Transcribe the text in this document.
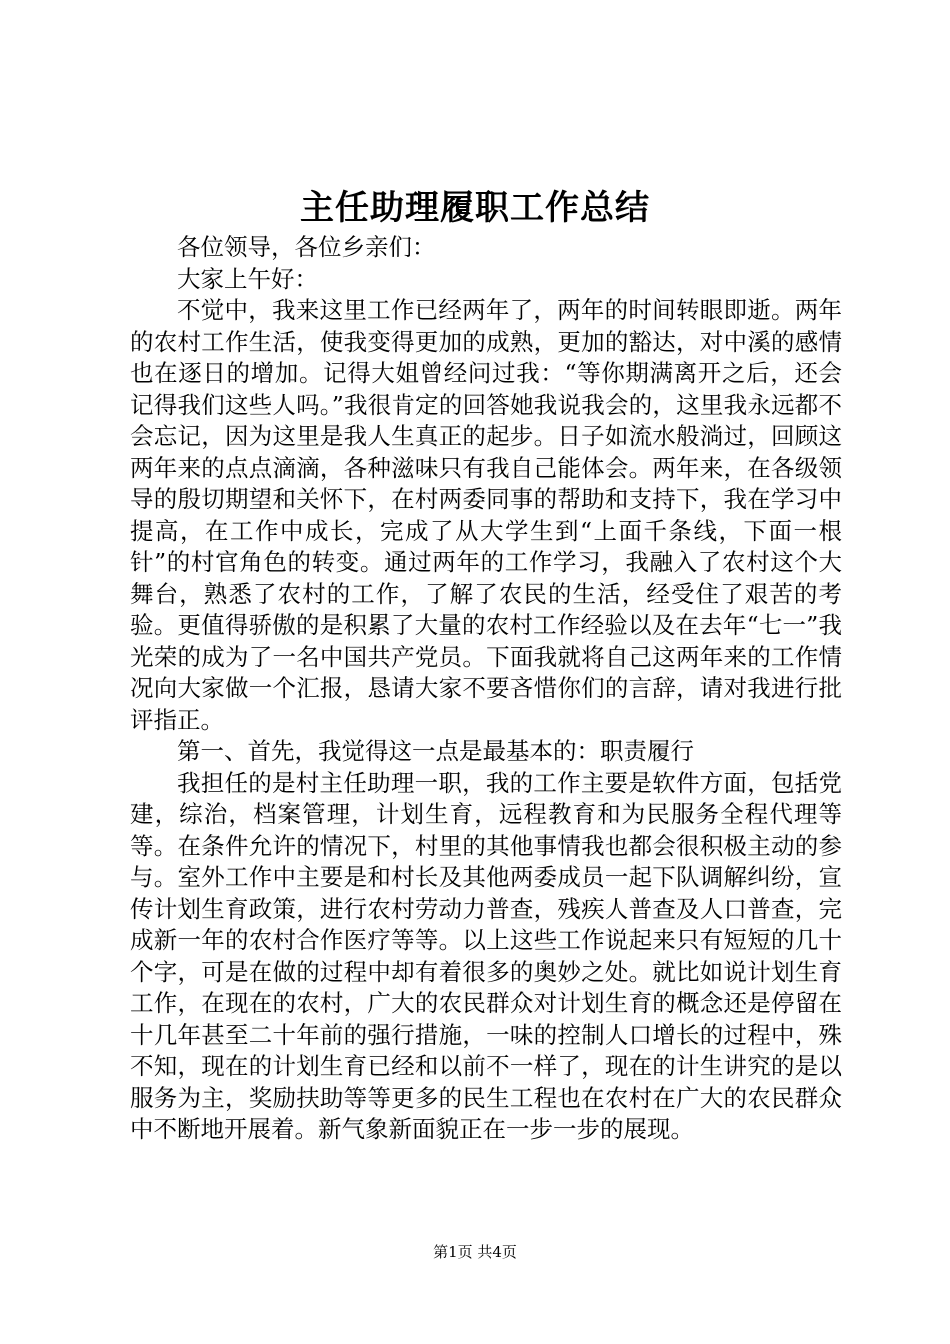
主任助理履职工作总结

各位领导，各位乡亲们：

大家上午好：

不觉中，我来这里工作已经两年了，两年的时间转眼即逝。两年的农村工作生活，使我变得更加的成熟，更加的豁达，对中溪的感情也在逐日的增加。记得大姐曾经问过我：“等你期满离开之后，还会记得我们这些人吗。”我很肯定的回答她我说我会的，这里我永远都不会忘记，因为这里是我人生真正的起步。日子如流水般淌过，回顾这两年来的点点滴滴，各种滋味只有我自己能体会。两年来，在各级领导的殷切期望和关怀下，在村两委同事的帮助和支持下，我在学习中提高，在工作中成长，完成了从大学生到“上面千条线，下面一根针”的村官角色的转变。通过两年的工作学习，我融入了农村这个大舞台，熟悉了农村的工作，了解了农民的生活，经受住了艰苦的考验。更值得骄傲的是积累了大量的农村工作经验以及在去年“七一”我光荣的成为了一名中国共产党员。下面我就将自己这两年来的工作情况向大家做一个汇报，恳请大家不要吝惜你们的言辞，请对我进行批评指正。

第一、首先，我觉得这一点是最基本的：职责履行

我担任的是村主任助理一职，我的工作主要是软件方面，包括党建，综治，档案管理，计划生育，远程教育和为民服务全程代理等等。在条件允许的情况下，村里的其他事情我也都会很积极主动的参与。室外工作中主要是和村长及其他两委成员一起下队调解纠纷，宣传计划生育政策，进行农村劳动力普查，残疾人普查及人口普查，完成新一年的农村合作医疗等等。以上这些工作说起来只有短短的几十个字，可是在做的过程中却有着很多的奥妙之处。就比如说计划生育工作，在现在的农村，广大的农民群众对计划生育的概念还是停留在十几年甚至二十年前的强行措施，一味的控制人口增长的过程中，殊不知，现在的计划生育已经和以前不一样了，现在的计生讲究的是以服务为主，奖励扶助等等更多的民生工程也在农村在广大的农民群众中不断地开展着。新气象新面貌正在一步一步的展现。

第1页 共4页
